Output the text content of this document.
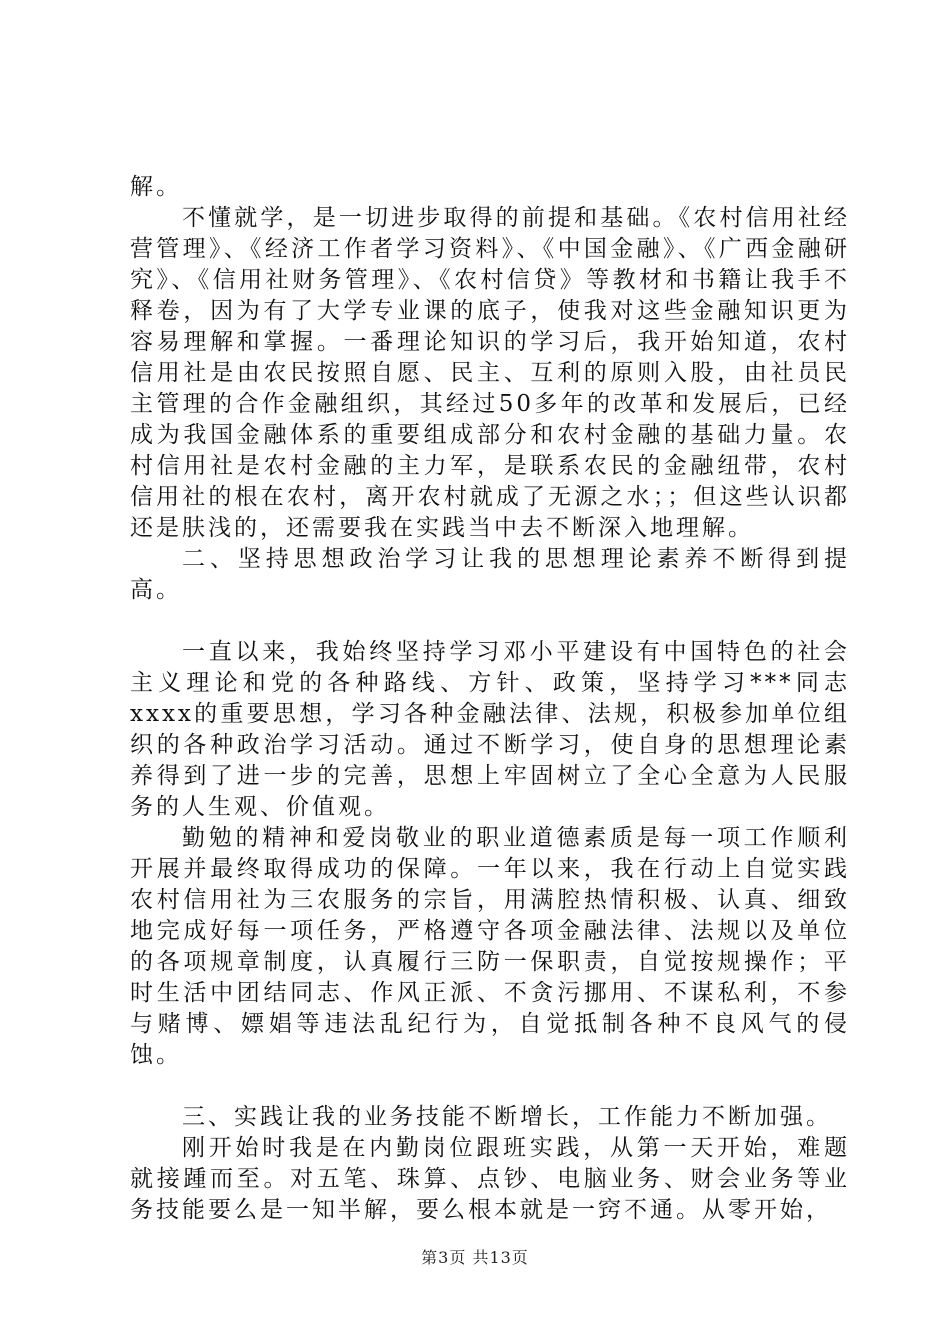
解。

不懂就学，是一切进步取得的前提和基础。《农村信用社经营管理》、《经济工作者学习资料》、《中国金融》、《广西金融研究》、《信用社财务管理》、《农村信贷》等教材和书籍让我手不释卷，因为有了大学专业课的底子，使我对这些金融知识更为容易理解和掌握。一番理论知识的学习后，我开始知道，农村信用社是由农民按照自愿、民主、互利的原则入股，由社员民主管理的合作金融组织，其经过50多年的改革和发展后，已经成为我国金融体系的重要组成部分和农村金融的基础力量。农村信用社是农村金融的主力军，是联系农民的金融纽带，农村信用社的根在农村，离开农村就成了无源之水；；但这些认识都还是肤浅的，还需要我在实践当中去不断深入地理解。

二、坚持思想政治学习让我的思想理论素养不断得到提高。

一直以来，我始终坚持学习邓小平建设有中国特色的社会主义理论和党的各种路线、方针、政策，坚持学习***同志xxxx的重要思想，学习各种金融法律、法规，积极参加单位组织的各种政治学习活动。通过不断学习，使自身的思想理论素养得到了进一步的完善，思想上牢固树立了全心全意为人民服务的人生观、价值观。

勤勉的精神和爱岗敬业的职业道德素质是每一项工作顺利开展并最终取得成功的保障。一年以来，我在行动上自觉实践农村信用社为三农服务的宗旨，用满腔热情积极、认真、细致地完成好每一项任务，严格遵守各项金融法律、法规以及单位的各项规章制度，认真履行三防一保职责，自觉按规操作；平时生活中团结同志、作风正派、不贪污挪用、不谋私利，不参与赌博、嫖娼等违法乱纪行为，自觉抵制各种不良风气的侵蚀。

三、实践让我的业务技能不断增长，工作能力不断加强。

刚开始时我是在内勤岗位跟班实践，从第一天开始，难题就接踵而至。对五笔、珠算、点钞、电脑业务、财会业务等业务技能要么是一知半解，要么根本就是一窍不通。从零开始，

第3页 共13页
